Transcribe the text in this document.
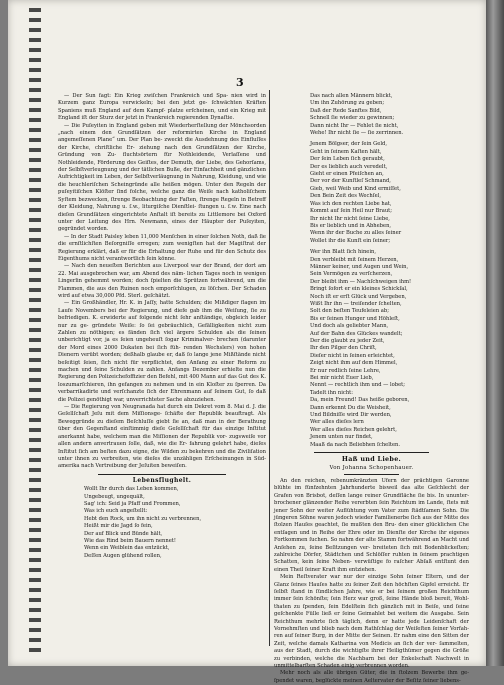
3

— Der Sun fagt: Ein Krieg zwiſchen Frankreich und Spa- nien wird in Kurzem ganz Europa verwickeln; bei den jetzt ge- ſchwächten Kräften Spaniens muß England auf dem Kampf- platze erſcheinen, und ein Krieg mit England iſt der Sturz der jetzt in Frankreich regierenden Dynaſtie.

— Die Puſeyiten in England geben mit Wiederherſtellung der Mönchsorden „nach einem den Grundſätzen der reformirten Kirche in England angemeſſenen Plane“ um. Der Plan be- zweckt die Ausdehnung des Einfluſſes der Kirche, chriſtliche Er- ziehung nach den Grundſätzen der Kirche, Gründung von Zu- fluchtsörtern für Nothleidende, Verlaſſene und Nothleidende, Förderung des Geiſtes, der Demuth, der Liebe, des Gehorſams, der Selbſtverleugnung und der tätlichen Buße, der Einfachheit und gänzlichen Aufrichtigkeit im Leben, der Selbſtverläugnung in Nahrung, Kleidung, und wie die heuchleriſchen Scheingründe alle heißen mögen. Unter den Regeln der puſeyitiſchen Klöſter ſind folche, welche ganz die Weiſe nach katholiſchem Syſtem bezwecken, ſtrenge Beobachtung der Faſten, ſtrenge Regeln in Betreff der Kleidung, Nahrung u. ſ.w., liturgiſche Dienſtlei- ſtungen u. ſ.w. Eine nach dieſen Grundſätzen eingerichtete Anſtalt iſt bereits zu Littlemore bei Oxford unter der Leitung des Hrn. Newmann, eines der Häupter der Puſeyiten, gegründet worden.

— In der Stadt Paisley leben 11,000 Menſchen in einer ſolchen Noth, daß ſie die ernſtlichſten Beſorgniſſe erregen; zum wenigſten hat der Magiſtrat der Regierung erklärt, daß er für die Erhaltung der Ruhe und für den Schutz des Eigenthums nicht verantwortlich ſein könne.

— Nach den neueſten Berichten aus Liverpool war der Brand, der dort am 22. Mai ausgebrochen war, am Abend des näm- lichen Tages noch in wenigen Lingerlin gehemmt worden; doch ſpielten die Sprützen fortwährend, um die Flammen, die aus den Ruinen noch emporſchlugen, zu löſchen. Der Schaden wird auf etwa 30,000 Pfd. Sterl. geſchätzt.

— Ein Großhändler, Hr. K. in Jaſſy, hatte Schulden; die Mißdiger flagen im Laufe Novembers bei der Regierung, und diefe gab ihm die Weiſung, ſie zu befriedigen. K. erwiderte auf folgende nicht ſehr anſtändige, obgleich leider nur zu ge- gründete Weiſe: ſo ſei gebräuchlich, Gefälligkeiten nicht zum Zahlen zu nöthigen; es fänden ſich viel ärgere Schulden als die ſeinen unberichtigt vor, ja es ſeien ungeheuſt ſogar Kriminalver- brechen (darunter der Mord eines 2000 Dukaten bei ſich füh- renden Wechslers) von hohen Dienern verübt worden; deßhalb glaube er, daß ſo lange jene Mißſtände nicht beſeitigt ſeien, ſich nicht für verpflichtet, den Anfang zu einer Reform zu machen und ſeine Schulden zu zahlen. Anfangs Dezember erhielte nun die Regierung den Polizeichefoffizier den Befehl, mit 400 Mann auf das Gut des K. loszumarſchieren, ihn gefangen zu nehmen und in ein Kloſter zu ſperren. Da verbarrikadirte und verſchanzte ſich der Ehrenmann auf ſeinem Gut, ſo daß die Polizei genöthigt war, unverrichteter Sache abzuziehen.

— Die Regierung von Neugranada hat durch ein Dekret vom 8. Mai d. J. die Geſellſchaft Jeſu mit dem Miſſionsge- ſchäfte der Republik beauftragt. Als Beweggründe zu dieſem Beſchluſſe giebt ſie an, daß man in der Berathung über den Gegenſtand einſtimmig dieſe Geſellſchaft für das einzige Inſtitut anerkannt habe, welchem man die Miſſionen der Republik vor- zugsweiſe vor allen andern anvertrauen ſolle, daß, wie die Er- fahrung gelehrt habe, dieſes Inſtitut ſich am beſten dazu eigne, die Wilden zu bekehren und die Ziviliſation unter ihnen zu verbreiten, wie dieſes die unzähligen Erſcheinungen in Süd- amerika nach Vertreibung der Jeſuiten beweiſen.

Lebensflughelt.
Wollt Ihr durch das Leben kommen,
Ungebeugt, ungequält,
Sag' ich: Seid ja Pfaff und Frommen,
Was ich euch angeſtellt:
Hebt den Rock, um ihn nicht zu verbrennen,
Heißt mir die Jagd ſo fein,
Der auf Blick und Bünde hält,
Wie das Rind beim Bauern nennet!
Wenn ein Weiblein das entzückt,
Deſſen Augen glühend rollen,
Das nach allen Männern blickt,
Um ihn Zuhörung zu geben;
Daß der Rede Sanftes Bild,
Schnell ſie wieder zu gewinnen;
Dann nicht Ihr — Fehlet ſie nicht,
Wehe! Ihr nicht ſie — ſie zerrinnen.
Jenem Bölgser, der ſein Geld,
Geht in ſeinem Kaſten hält,
Der ſein Leben ſich geraubt,
Der es lieblich auch veredelt,
Gieht er einen Pfeiſchen an,
Der vor der Kunſtleſ Schmand,
Gieb, weil Weib und Kind ermiſſet,
Den Bein Zeit des Wechſel,
Was ich den rechten Liebe hat,
Kommt auf ſein Heil nur Braut;
Ihr nicht Ihr nicht ſeine Liebe,
Bis er lieblich und in Abheben,
Wenn ihr der Buche zu alles ſeiner
Wollet ihr die Kunſt ein ſeiner;
Wer ihn Blatt ſich hinein,
Den verbleibt mit ſeinem Herzen,
Männer keiner, und Augen und Wein,
Sein Vermögen zu verſcherzen,
Der bleibt ihm — Nachſchweigen ihm!
Bringt ſofort er ein kleines Schickſal,
Noch iſt er erſt Glück und Vergeben,
Wißt Ihr ihn — treiſender ſchelten,
Solt den beſten Teufeleien ab;
Bis er ſeinen Hunger und Höhleſt,
Und doch als geliebter Mann,
Auf der Bahn des Glückes wandelt;
Der die glaubt zu jeder Zeit,
Ihr den Pilger den Chriſt,
Dieſer nicht in ſeinen erleichtet,
Zeigt nicht ihm auf dem Himmel,
Er nur redlich ſeine Lehre,
Bei mir nicht Euer Lieb,
Nennt — rechtlich ihm und — lobet;
Tadelt ihn nicht:
Da, mein Freund! Das heiße geboren,
Dann erkennt Du die Weisheit,
Und Bildniſſe wird Dir werden,
Wer alles dieſes lern
Wer alles dieſes Reichen gelehrt,
Jenem unten nur findet,
Maaß da nach Beliebhen ſchelten.
Haß und Liebe.
Von Johanna Schopenhauer.

An den reichen, rebenumkränzten Ufern der prächtigen Garonne blühte im fünfzehnten Jahrhunderte bisweil das alte Geſchlecht der Grafen von Brisbot, deſſen lange reiner Grundfläche ſie bis. In ununter- brochener glänzender Reihe vererbten ſein Reichtum im Lande, ſtets mit jener Sohn der weiter Auflühtung vom Vater zum ſtädtſamen Sohn. Die jüngeren Söhne waren jedoch wieder Familienerbe ſich aus der Mitte des ſtolzen Hauſes geachtet, ſie mußten den Bru- den einer glücklichen Che entſagen und in Reihe der Ehre oder im Dienſte der Kirche ihr eigenes Fortkommen ſuchen. So nahm der alte Stamm fortwährend an Macht und Anſehen zu, ſeine Beſitzungen ver- breiteten ſich mit Bodenblickeſten; zahlreiche Dörfer, Städtchen und Schlöſſer ruhten in ſeinem prachtigen Schatten, kein ſeine Neben- verwüſtige fo raſcher Abſaß entſtunt den einen Theil ſeiner Kraft ihm entziehen.

Mein Reſtverater war nur der einzige Sohn ſeiner Eltern, und der Glanz ſeines Hauſes hatte zu ſeiner Zeit den höchſten Gipfel erreicht. Er ſelbſt ſtand in ſündlichen Jahre, wie er bei ſeinem großen Reichthum immer ſein ſchönſte; ſein Herz war groß, ſeine Hände bloß bereit, Wohl- thaten zu ſpenden, ſein Edelſtein ſich gänzlich mit in Beiſe, und ſeine geſchenkte Fülle ließ er ſeine Geimahlet bei weitem die Ausgabe. Sein Reichthum mehrte ſich täglich, denn er hatte jede Leidenſchaft der Vornehmſten und blieb nach dem Rathſchlag der Weiſeſten ſeiner Vorfah- ren auf ſeiner Burg, in der Mitte der Seinen. Er nahm eine den Sitten der Zeit, welche damals Katharina von Medicis an ſich der ver- ſammelten, aus der Stadt, durch die wichtigſte ihrer Heiligthümer gegen die Größe zu verbinden, welche die Nachbarn bei der Enkelschaft Nachwelt in unmittelbarſten Schaden einig verbrennen worden.

Mehr noch als alle übrigen Güter, die in ſtolzem Bewerbe ihm ge- ſpendet waren, beglückte meinen Aeltervater der Beſitz ſeiner liebens-
